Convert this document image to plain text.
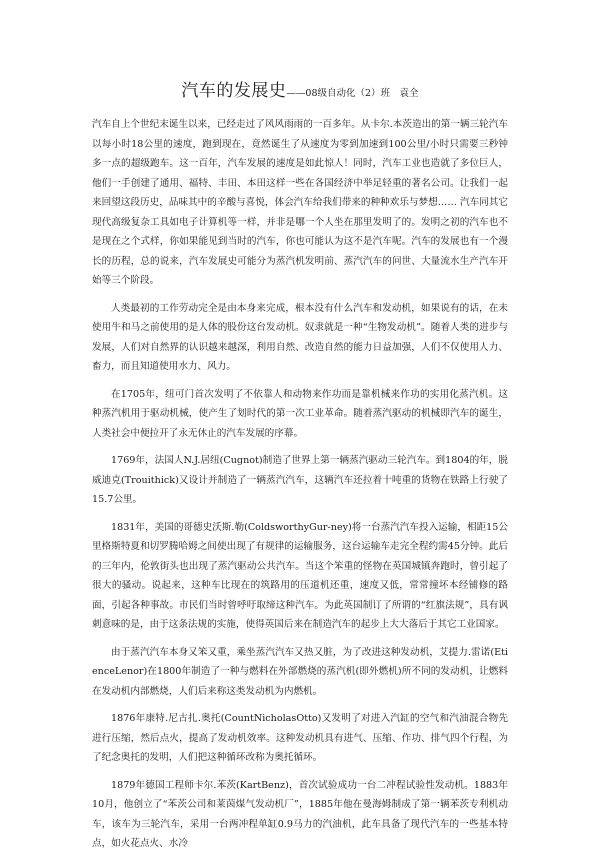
汽车的发展史——08级自动化（2）班　袁全

汽车自上个世纪末诞生以来，已经走过了风风雨雨的一百多年。从卡尔.本茨造出的第一辆三轮汽车以每小时18公里的速度，跑到现在，竟然诞生了从速度为零到加速到100公里/小时只需要三秒钟多一点的超级跑车。这一百年，汽车发展的速度是如此惊人！同时，汽车工业也造就了多位巨人，他们一手创建了通用、福特、丰田、本田这样一些在各国经济中举足轻重的著名公司。让我们一起来回望这段历史，品味其中的辛酸与喜悦，体会汽车给我们带来的种种欢乐与梦想…… 汽车同其它现代高级复杂工具如电子计算机等一样，并非是哪一个人坐在那里发明了的。发明之初的汽车也不是现在之个式样，你如果能见到当时的汽车，你也可能认为这不是汽车呢。汽车的发展也有一个漫长的历程，总的说来，汽车发展史可能分为蒸汽机发明前、蒸汽汽车的问世、大量流水生产汽车开始等三个阶段。

人类最初的工作劳动完全是由本身来完成，根本没有什么汽车和发动机，如果说有的话，在未使用牛和马之前使用的是人体的股份这台发动机。奴隶就是一种“生物发动机”。随着人类的进步与发展，人们对自然界的认识越来越深，利用自然、改造自然的能力日益加强，人们不仅使用人力、畜力，而且知道使用水力、风力。

在1705年，纽可门首次发明了不依靠人和动物来作功而是靠机械来作功的实用化蒸汽机。这种蒸汽机用于驱动机械，使产生了划时代的第一次工业革命。随着蒸汽驱动的机械即汽车的诞生，人类社会中便拉开了永无休止的汽车发展的序幕。

1769年，法国人N.J.居纽(Cugnot)制造了世界上第一辆蒸汽驱动三轮汽车。到1804的年，脱威迪克(Trouithick)又设计并制造了一辆蒸汽汽车，这辆汽车还拉着十吨重的货物在铁路上行驶了15.7公里。

1831年，美国的哥德史沃斯.勒(ColdsworthyGur-ney)将一台蒸汽汽车投入运输，相距15公里格斯特夏和切罗腾哈姆之间使出现了有规律的运输服务，这台运输车走完全程约需45分钟。此后的三年内，伦敦街头也出现了蒸汽驱动公共汽车。当这个笨重的怪物在英国城镇奔跑时，曾引起了很大的骚动。说起来，这种车比现在的筑路用的压道机还重，速度又低，常常撞坏本经铺修的路面，引起各种事故。市民们当时曾呼吁取缔这种汽车。为此英国制订了所谓的“红旗法规”，具有讽刺意味的是，由于这条法规的实施，使得英国后来在制造汽车的起步上大大落后于其它工业国家。

由于蒸汽汽车本身又笨又重，乘坐蒸汽汽车又热又脏，为了改进这种发动机，艾提力.雷诺(EtienceLenor)在1800年制造了一种与燃料在外部燃烧的蒸汽机(即外燃机)所不同的发动机，让燃料在发动机内部燃烧，人们后来称这类发动机为内燃机。

1876年康特.尼古扎.奥托(CountNicholasOtto)又发明了对进入汽缸的空气和汽油混合物先进行压缩，然后点火，提高了发动机效率。这种发动机具有进气、压缩、作功、排气四个行程，为了纪念奥托的发明，人们把这种循环改称为奥托循环。

1879年德国工程师卡尔.苯茨(KartBenz)，首次试验成功一台二冲程试验性发动机。1883年10月，他创立了“苯茨公司和莱茵煤气发动机厂”，1885年他在曼海姆制成了第一辆苯茨专利机动车，该车为三轮汽车，采用一台两冲程单缸0.9马力的汽油机，此车具备了现代汽车的一些基本特点，如火花点火、水冷
